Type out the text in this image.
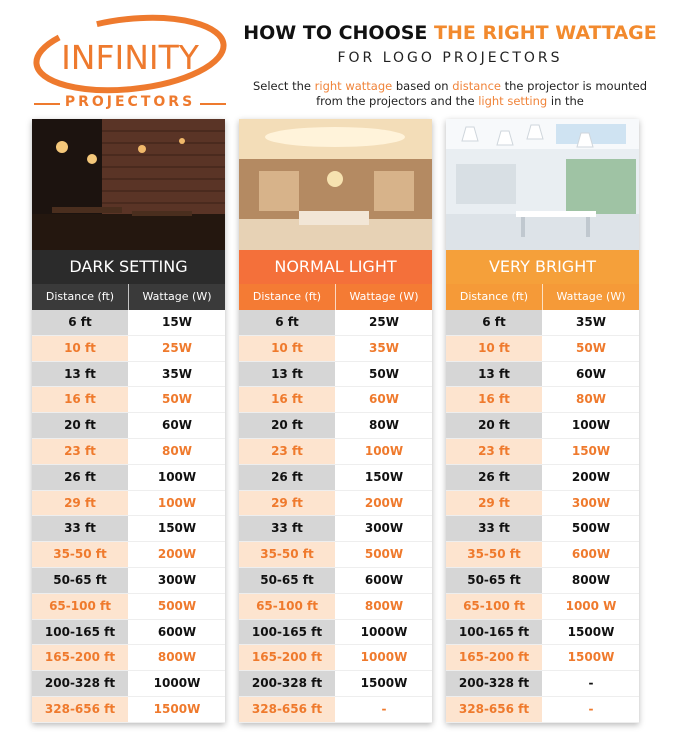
INFINITY
PROJECTORS
HOW TO CHOOSE THE RIGHT WATTAGE
FOR LOGO PROJECTORS
Select the right wattage based on distance the projector is mounted from the projectors and the light setting in the
DARK SETTING
Distance (ft)	Wattage (W)
6 ft	15W
10 ft	25W
13 ft	35W
16 ft	50W
20 ft	60W
23 ft	80W
26 ft	100W
29 ft	100W
33 ft	150W
35-50 ft	200W
50-65 ft	300W
65-100 ft	500W
100-165 ft	600W
165-200 ft	800W
200-328 ft	1000W
328-656 ft	1500W
NORMAL LIGHT
Distance (ft)	Wattage (W)
6 ft	25W
10 ft	35W
13 ft	50W
16 ft	60W
20 ft	80W
23 ft	100W
26 ft	150W
29 ft	200W
33 ft	300W
35-50 ft	500W
50-65 ft	600W
65-100 ft	800W
100-165 ft	1000W
165-200 ft	1000W
200-328 ft	1500W
328-656 ft	-
VERY BRIGHT
Distance (ft)	Wattage (W)
6 ft	35W
10 ft	50W
13 ft	60W
16 ft	80W
20 ft	100W
23 ft	150W
26 ft	200W
29 ft	300W
33 ft	500W
35-50 ft	600W
50-65 ft	800W
65-100 ft	1000 W
100-165 ft	1500W
165-200 ft	1500W
200-328 ft	-
328-656 ft	-
